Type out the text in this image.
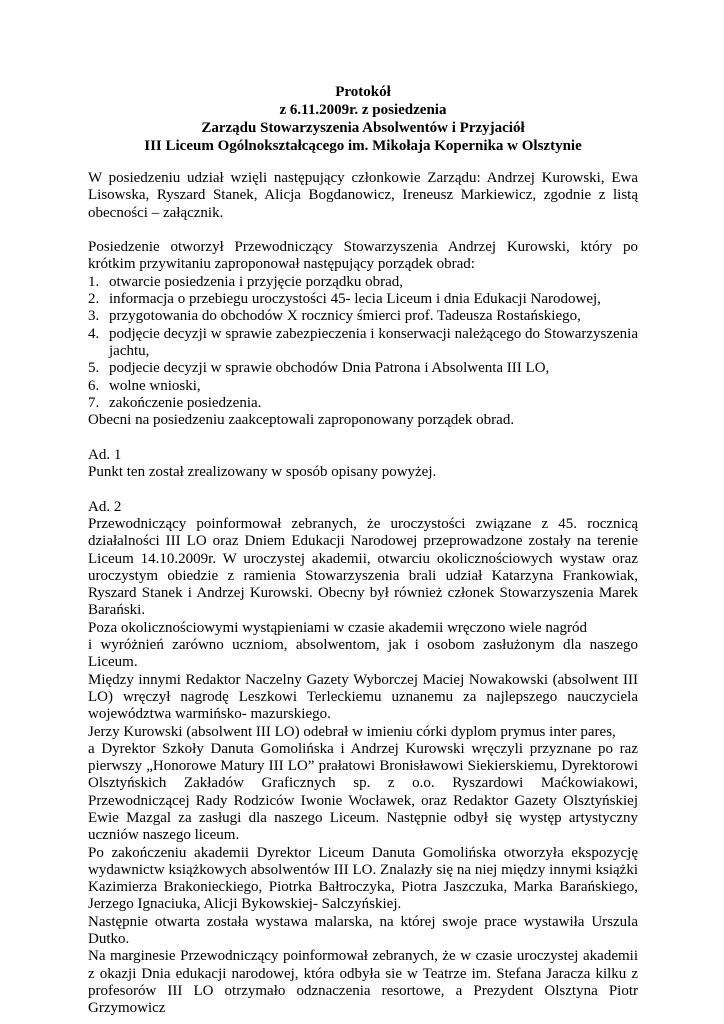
Protokół
z 6.11.2009r. z posiedzenia
Zarządu Stowarzyszenia Absolwentów i Przyjaciół
III Liceum Ogólnokształcącego im. Mikołaja Kopernika w Olsztynie

W posiedzeniu udział wzięli następujący członkowie Zarządu: Andrzej Kurowski, Ewa Lisowska, Ryszard Stanek, Alicja Bogdanowicz, Ireneusz Markiewicz, zgodnie z listą obecności – załącznik.

Posiedzenie otworzył Przewodniczący Stowarzyszenia Andrzej Kurowski, który po krótkim przywitaniu zaproponował następujący porządek obrad:

1. otwarcie posiedzenia i przyjęcie porządku obrad,
2. informacja o przebiegu uroczystości 45- lecia Liceum i dnia Edukacji Narodowej,
3. przygotowania do obchodów X rocznicy śmierci prof. Tadeusza Rostańskiego,
4. podjęcie decyzji w sprawie zabezpieczenia i konserwacji należącego do Stowarzyszenia jachtu,
5. podjecie decyzji w sprawie obchodów Dnia Patrona i Absolwenta III LO,
6. wolne wnioski,
7. zakończenie posiedzenia.

Obecni na posiedzeniu zaakceptowali zaproponowany porządek obrad.

Ad. 1

Punkt ten został zrealizowany w sposób opisany powyżej.

Ad. 2

Przewodniczący poinformował zebranych, że uroczystości związane z 45. rocznicą działalności III LO oraz Dniem Edukacji Narodowej przeprowadzone zostały na terenie Liceum 14.10.2009r. W uroczystej akademii, otwarciu okolicznościowych wystaw oraz uroczystym obiedzie z ramienia Stowarzyszenia brali udział Katarzyna Frankowiak, Ryszard Stanek i Andrzej Kurowski. Obecny był również członek Stowarzyszenia Marek Barański.

Poza okolicznościowymi wystąpieniami w czasie akademii wręczono wiele nagród

i wyróżnień zarówno uczniom, absolwentom, jak i osobom zasłużonym dla naszego Liceum.

Między innymi Redaktor Naczelny Gazety Wyborczej Maciej Nowakowski (absolwent III LO) wręczył nagrodę Leszkowi Terleckiemu uznanemu za najlepszego nauczyciela województwa warmińsko- mazurskiego.

Jerzy Kurowski (absolwent III LO) odebrał w imieniu córki dyplom prymus inter pares,

a Dyrektor Szkoły Danuta Gomolińska i Andrzej Kurowski wręczyli przyznane po raz pierwszy „Honorowe Matury III LO” prałatowi Bronisławowi Siekierskiemu, Dyrektorowi Olsztyńskich Zakładów Graficznych sp. z o.o. Ryszardowi Maćkowiakowi, Przewodniczącej Rady Rodziców Iwonie Wocławek, oraz Redaktor Gazety Olsztyńskiej Ewie Mazgal za zasługi dla naszego Liceum. Następnie odbył się występ artystyczny uczniów naszego liceum.

Po zakończeniu akademii Dyrektor Liceum Danuta Gomolińska otworzyła ekspozycję wydawnictw książkowych absolwentów III LO. Znalazły się na niej między innymi książki Kazimierza Brakonieckiego, Piotrka Bałtroczyka, Piotra Jaszczuka, Marka Barańskiego, Jerzego Ignaciuka, Alicji Bykowskiej- Salczyńskiej.

Następnie otwarta została wystawa malarska, na której swoje prace wystawiła Urszula Dutko.

Na marginesie Przewodniczący poinformował zebranych, że w czasie uroczystej akademii z okazji Dnia edukacji narodowej, która odbyła sie w Teatrze im. Stefana Jaracza kilku z profesorów III LO otrzymało odznaczenia resortowe, a Prezydent Olsztyna Piotr Grzymowicz
